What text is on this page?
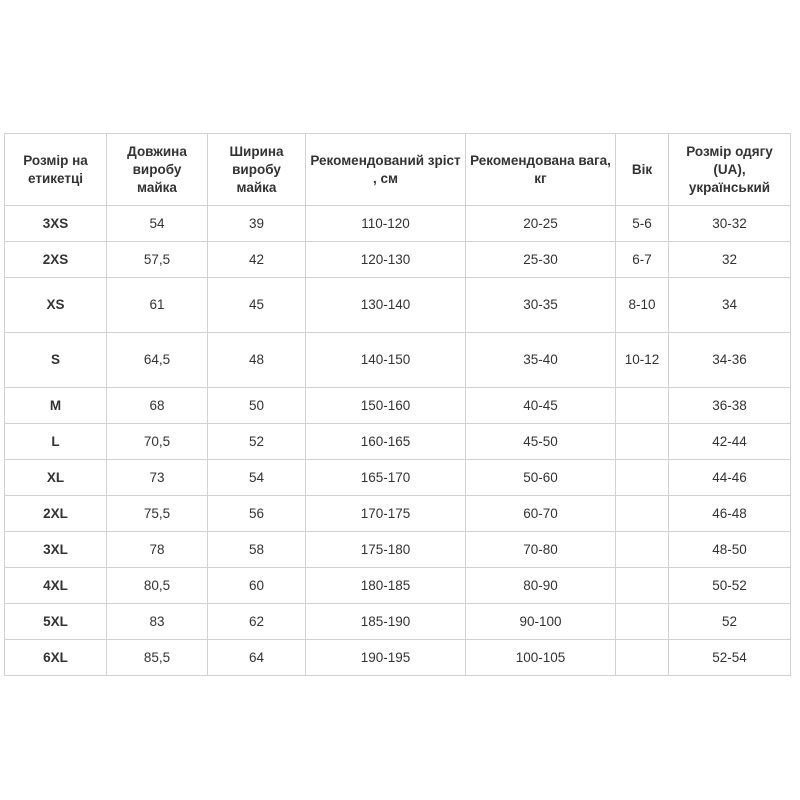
Розмір на етикетці	Довжина виробу майка	Ширина виробу майка	Рекомендований зріст , см	Рекомендована вага, кг	Вік	Розмір одягу (UA), український
3XS	54	39	110-120	20-25	5-6	30-32
2XS	57,5	42	120-130	25-30	6-7	32
XS	61	45	130-140	30-35	8-10	34
S	64,5	48	140-150	35-40	10-12	34-36
M	68	50	150-160	40-45		36-38
L	70,5	52	160-165	45-50		42-44
XL	73	54	165-170	50-60		44-46
2XL	75,5	56	170-175	60-70		46-48
3XL	78	58	175-180	70-80		48-50
4XL	80,5	60	180-185	80-90		50-52
5XL	83	62	185-190	90-100		52
6XL	85,5	64	190-195	100-105		52-54
